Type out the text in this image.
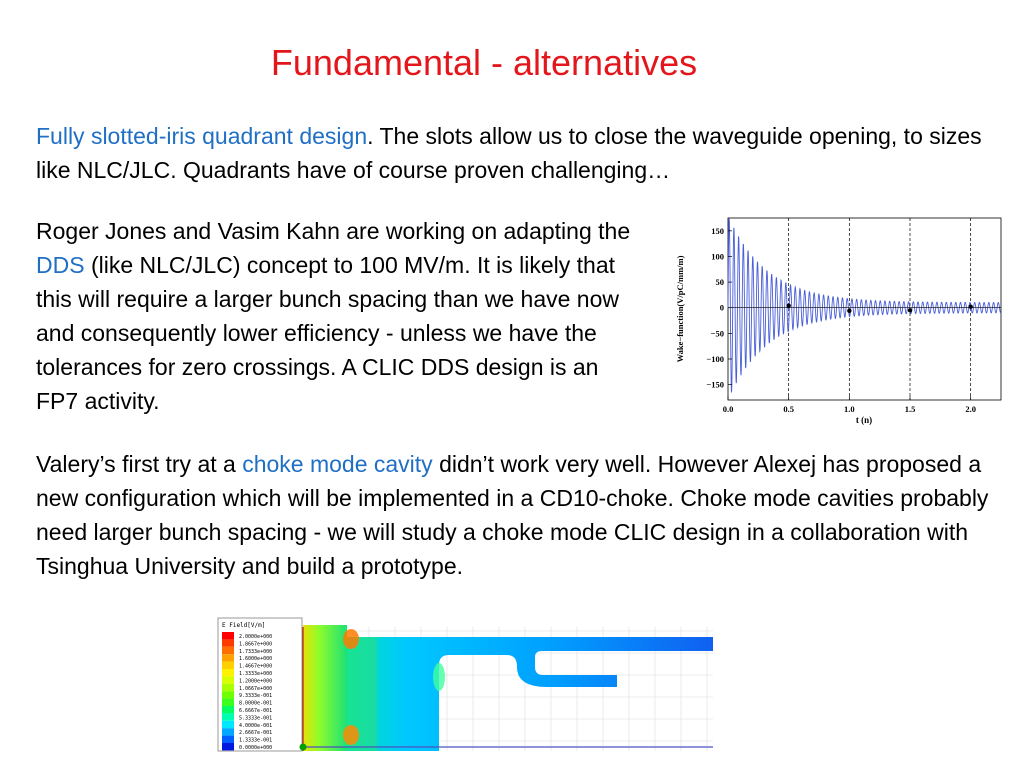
Fundamental - alternatives
Fully slotted-iris quadrant design. The slots allow us to close the waveguide opening, to sizes like NLC/JLC. Quadrants have of course proven challenging…
Roger Jones and Vasim Kahn are working on adapting the DDS (like NLC/JLC) concept to 100 MV/m. It is likely that this will require a larger bunch spacing than we have now and consequently lower efficiency - unless we have the tolerances for zero crossings. A CLIC DDS design is an FP7 activity.
Valery’s first try at a choke mode cavity didn’t work very well. However Alexej has proposed a new configuration which will be implemented in a CD10-choke. Choke mode cavities probably need larger bunch spacing - we will study a choke mode CLIC design in a collaboration with Tsinghua University and build a prototype.
0.0	0.5	1.0	1.5	2.0
150
100
50
0
−50
−100
−150
t (n)
Wake−function(V/pC/mm/m)
E Field[V/m]
2.0000e+000
1.8667e+000
1.7333e+000
1.6000e+000
1.4667e+000
1.3333e+000
1.2000e+000
1.0667e+000
9.3333e-001
8.0000e-001
6.6667e-001
5.3333e-001
4.0000e-001
2.6667e-001
1.3333e-001
0.0000e+000
